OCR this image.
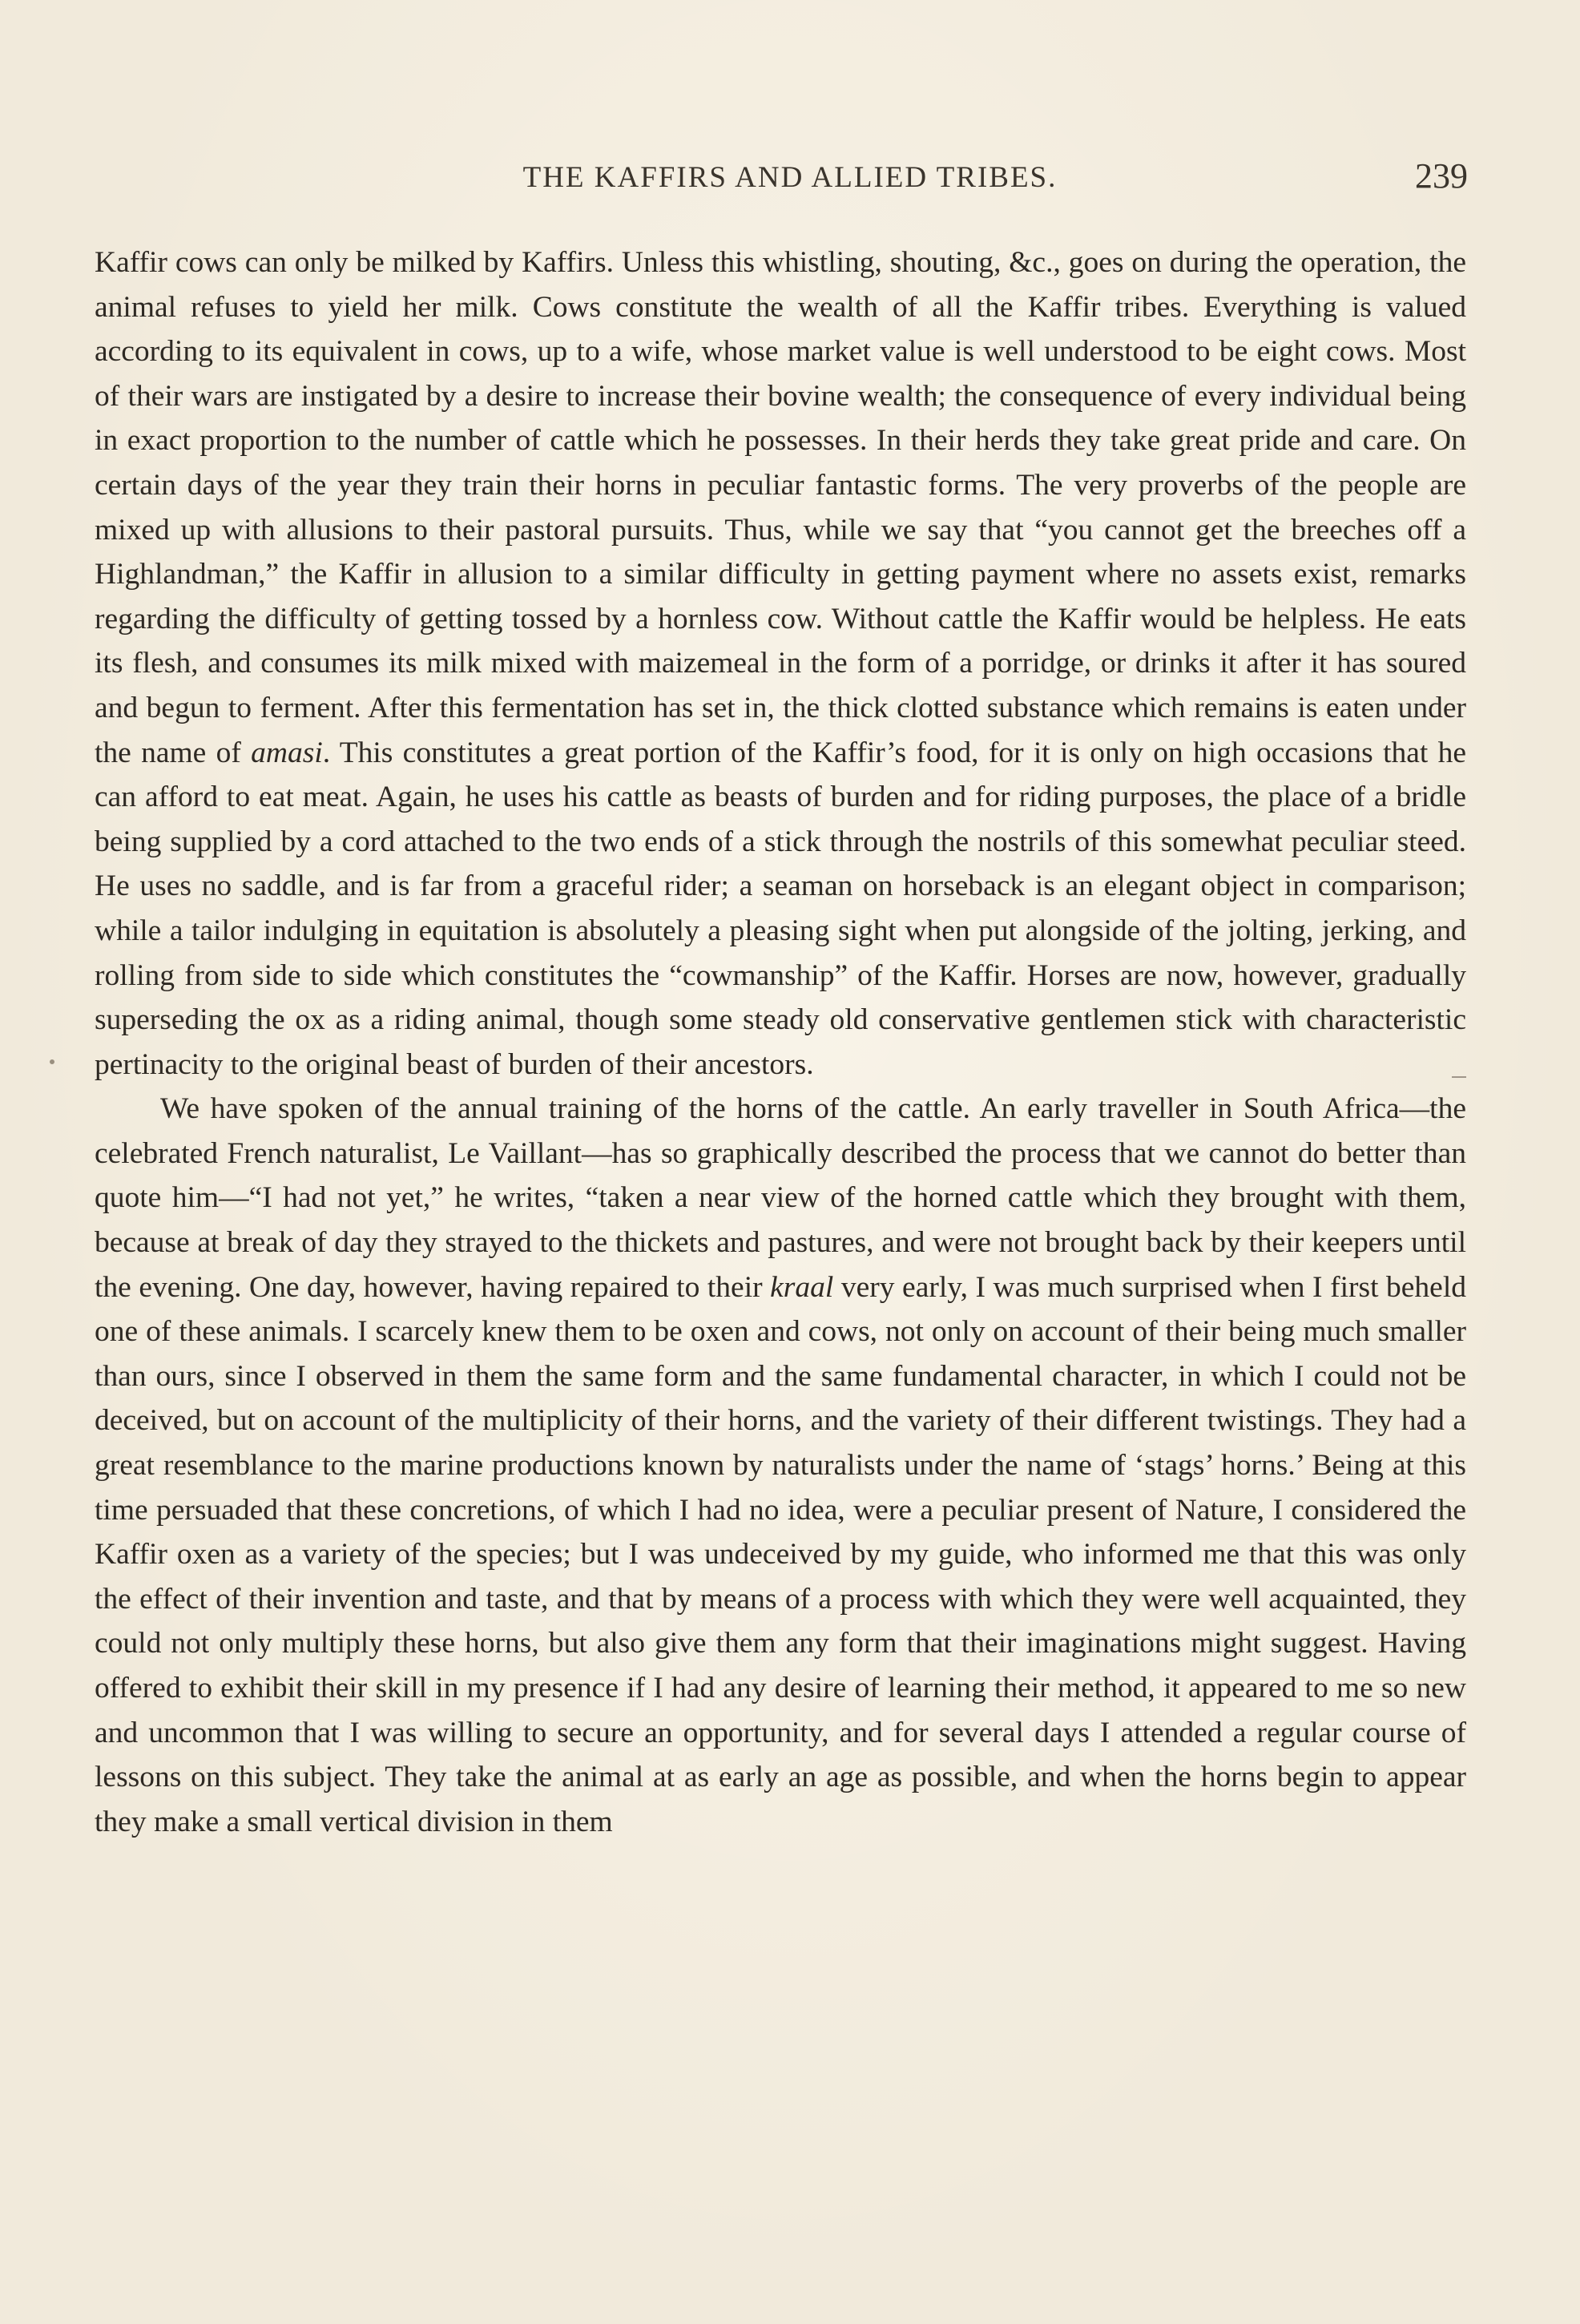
THE KAFFIRS AND ALLIED TRIBES.	239

Kaffir cows can only be milked by Kaffirs. Unless this whistling, shouting, &c., goes on during the operation, the animal refuses to yield her milk. Cows constitute the wealth of all the Kaffir tribes. Everything is valued according to its equivalent in cows, up to a wife, whose market value is well understood to be eight cows. Most of their wars are instigated by a desire to increase their bovine wealth; the consequence of every individual being in exact proportion to the number of cattle which he possesses. In their herds they take great pride and care. On certain days of the year they train their horns in peculiar fantastic forms. The very proverbs of the people are mixed up with allusions to their pastoral pursuits. Thus, while we say that “you cannot get the breeches off a Highlandman,” the Kaffir in allusion to a similar difficulty in getting payment where no assets exist, remarks regarding the difficulty of getting tossed by a hornless cow. Without cattle the Kaffir would be helpless. He eats its flesh, and consumes its milk mixed with maizemeal in the form of a porridge, or drinks it after it has soured and begun to ferment. After this fermentation has set in, the thick clotted substance which remains is eaten under the name of amasi. This constitutes a great portion of the Kaffir’s food, for it is only on high occasions that he can afford to eat meat. Again, he uses his cattle as beasts of burden and for riding purposes, the place of a bridle being supplied by a cord attached to the two ends of a stick through the nostrils of this somewhat peculiar steed. He uses no saddle, and is far from a graceful rider; a seaman on horseback is an elegant object in comparison; while a tailor indulging in equitation is absolutely a pleasing sight when put alongside of the jolting, jerking, and rolling from side to side which constitutes the “cowmanship” of the Kaffir. Horses are now, however, gradually superseding the ox as a riding animal, though some steady old conservative gentlemen stick with characteristic pertinacity to the original beast of burden of their ancestors.

We have spoken of the annual training of the horns of the cattle. An early traveller in South Africa—the celebrated French naturalist, Le Vaillant—has so graphically described the process that we cannot do better than quote him—“I had not yet,” he writes, “taken a near view of the horned cattle which they brought with them, because at break of day they strayed to the thickets and pastures, and were not brought back by their keepers until the evening. One day, however, having repaired to their kraal very early, I was much surprised when I first beheld one of these animals. I scarcely knew them to be oxen and cows, not only on account of their being much smaller than ours, since I observed in them the same form and the same fundamental character, in which I could not be deceived, but on account of the multiplicity of their horns, and the variety of their different twistings. They had a great resemblance to the marine productions known by naturalists under the name of ‘stags’ horns.’ Being at this time persuaded that these concretions, of which I had no idea, were a peculiar present of Nature, I considered the Kaffir oxen as a variety of the species; but I was undeceived by my guide, who informed me that this was only the effect of their invention and taste, and that by means of a process with which they were well acquainted, they could not only multiply these horns, but also give them any form that their imaginations might suggest. Having offered to exhibit their skill in my presence if I had any desire of learning their method, it appeared to me so new and uncommon that I was willing to secure an opportunity, and for several days I attended a regular course of lessons on this subject. They take the animal at as early an age as possible, and when the horns begin to appear they make a small vertical division in them
